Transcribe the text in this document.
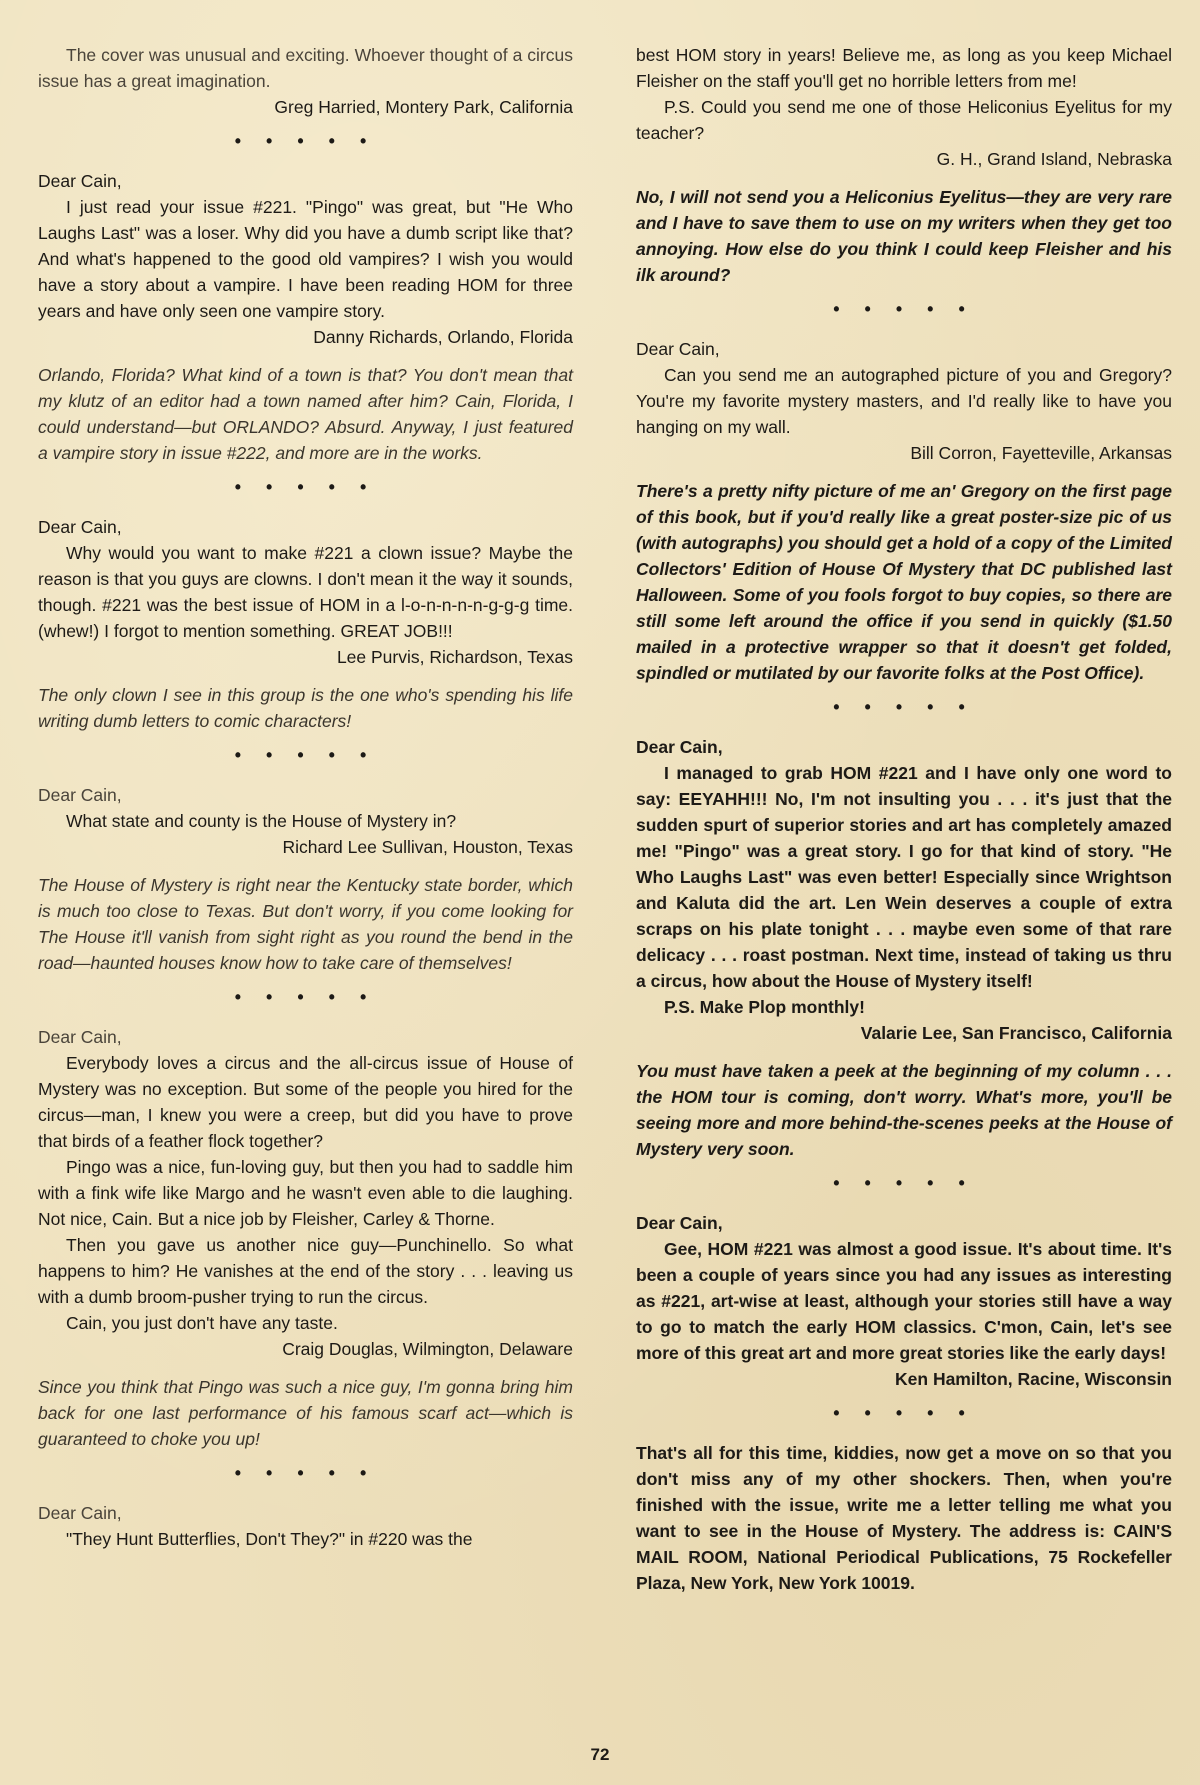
The cover was unusual and exciting. Whoever thought of a circus issue has a great imagination.

Greg Harried, Montery Park, California

• • • • •

Dear Cain,

I just read your issue #221. "Pingo" was great, but "He Who Laughs Last" was a loser. Why did you have a dumb script like that? And what's happened to the good old vampires? I wish you would have a story about a vampire. I have been reading HOM for three years and have only seen one vampire story.

Danny Richards, Orlando, Florida

Orlando, Florida? What kind of a town is that? You don't mean that my klutz of an editor had a town named after him? Cain, Florida, I could understand—but ORLANDO? Absurd. Anyway, I just featured a vampire story in issue #222, and more are in the works.

• • • • •

Dear Cain,

Why would you want to make #221 a clown issue? Maybe the reason is that you guys are clowns. I don't mean it the way it sounds, though. #221 was the best issue of HOM in a l-o-n-n-n-n-g-g-g time. (whew!) I forgot to mention something. GREAT JOB!!!

Lee Purvis, Richardson, Texas

The only clown I see in this group is the one who's spending his life writing dumb letters to comic characters!

• • • • •

Dear Cain,

What state and county is the House of Mystery in?

Richard Lee Sullivan, Houston, Texas

The House of Mystery is right near the Kentucky state border, which is much too close to Texas. But don't worry, if you come looking for The House it'll vanish from sight right as you round the bend in the road—haunted houses know how to take care of themselves!

• • • • •

Dear Cain,

Everybody loves a circus and the all-circus issue of House of Mystery was no exception. But some of the people you hired for the circus—man, I knew you were a creep, but did you have to prove that birds of a feather flock together?

Pingo was a nice, fun-loving guy, but then you had to saddle him with a fink wife like Margo and he wasn't even able to die laughing. Not nice, Cain. But a nice job by Fleisher, Carley & Thorne.

Then you gave us another nice guy—Punchinello. So what happens to him? He vanishes at the end of the story . . . leaving us with a dumb broom-pusher trying to run the circus.

Cain, you just don't have any taste.

Craig Douglas, Wilmington, Delaware

Since you think that Pingo was such a nice guy, I'm gonna bring him back for one last performance of his famous scarf act—which is guaranteed to choke you up!

• • • • •

Dear Cain,

"They Hunt Butterflies, Don't They?" in #220 was the

best HOM story in years! Believe me, as long as you keep Michael Fleisher on the staff you'll get no horrible letters from me!

P.S. Could you send me one of those Heliconius Eyelitus for my teacher?

G. H., Grand Island, Nebraska

No, I will not send you a Heliconius Eyelitus—they are very rare and I have to save them to use on my writers when they get too annoying. How else do you think I could keep Fleisher and his ilk around?

• • • • •

Dear Cain,

Can you send me an autographed picture of you and Gregory? You're my favorite mystery masters, and I'd really like to have you hanging on my wall.

Bill Corron, Fayetteville, Arkansas

There's a pretty nifty picture of me an' Gregory on the first page of this book, but if you'd really like a great poster-size pic of us (with autographs) you should get a hold of a copy of the Limited Collectors' Edition of House Of Mystery that DC published last Halloween. Some of you fools forgot to buy copies, so there are still some left around the office if you send in quickly ($1.50 mailed in a protective wrapper so that it doesn't get folded, spindled or mutilated by our favorite folks at the Post Office).

• • • • •

Dear Cain,

I managed to grab HOM #221 and I have only one word to say: EEYAHH!!! No, I'm not insulting you . . . it's just that the sudden spurt of superior stories and art has completely amazed me! "Pingo" was a great story. I go for that kind of story. "He Who Laughs Last" was even better! Especially since Wrightson and Kaluta did the art. Len Wein deserves a couple of extra scraps on his plate tonight . . . maybe even some of that rare delicacy . . . roast postman. Next time, instead of taking us thru a circus, how about the House of Mystery itself!

P.S. Make Plop monthly!

Valarie Lee, San Francisco, California

You must have taken a peek at the beginning of my column . . . the HOM tour is coming, don't worry. What's more, you'll be seeing more and more behind-the-scenes peeks at the House of Mystery very soon.

• • • • •

Dear Cain,

Gee, HOM #221 was almost a good issue. It's about time. It's been a couple of years since you had any issues as interesting as #221, art-wise at least, although your stories still have a way to go to match the early HOM classics. C'mon, Cain, let's see more of this great art and more great stories like the early days!

Ken Hamilton, Racine, Wisconsin

• • • • •

That's all for this time, kiddies, now get a move on so that you don't miss any of my other shockers. Then, when you're finished with the issue, write me a letter telling me what you want to see in the House of Mystery. The address is: CAIN'S MAIL ROOM, National Periodical Publications, 75 Rockefeller Plaza, New York, New York 10019.

72
